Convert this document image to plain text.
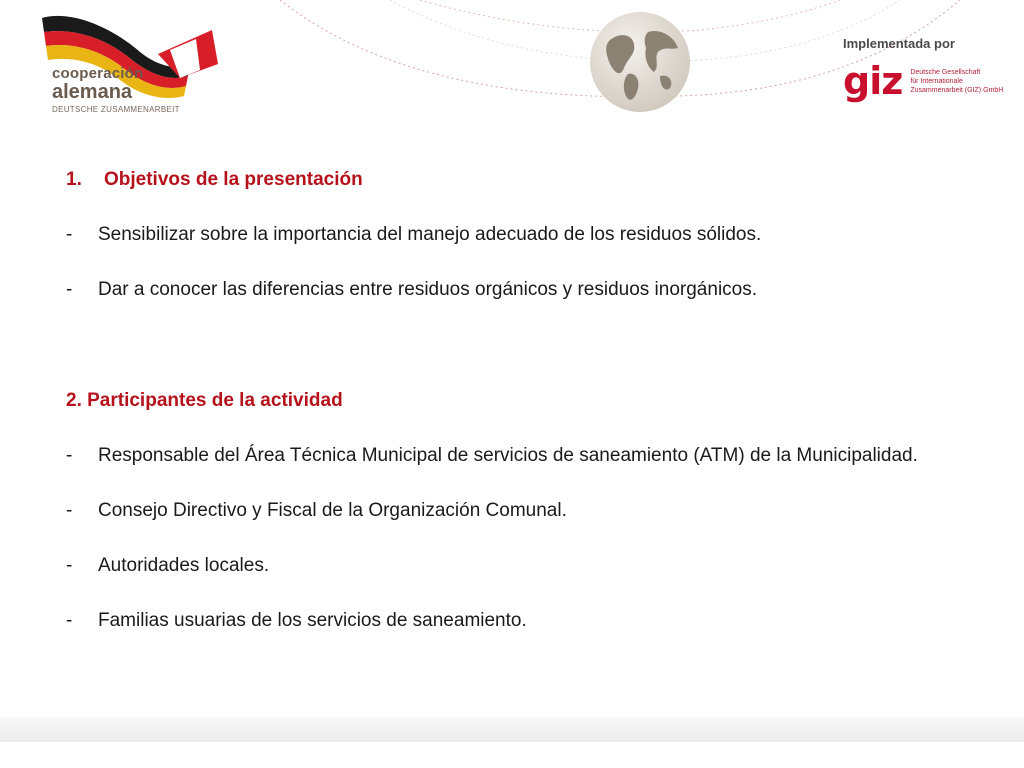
cooperación
alemana
DEUTSCHE ZUSAMMENARBEIT
Implementada por
giz Deutsche Gesellschaft
für Internationale
Zusammenarbeit (GIZ) GmbH
1. Objetivos de la presentación
-	Sensibilizar sobre la importancia del manejo adecuado de los residuos sólidos.
-	Dar a conocer las diferencias entre residuos orgánicos y residuos inorgánicos.
2. Participantes de la actividad
-	Responsable del Área Técnica Municipal de servicios de saneamiento (ATM) de la Municipalidad.
-	Consejo Directivo y Fiscal de la Organización Comunal.
-	Autoridades locales.
-	Familias usuarias de los servicios de saneamiento.
